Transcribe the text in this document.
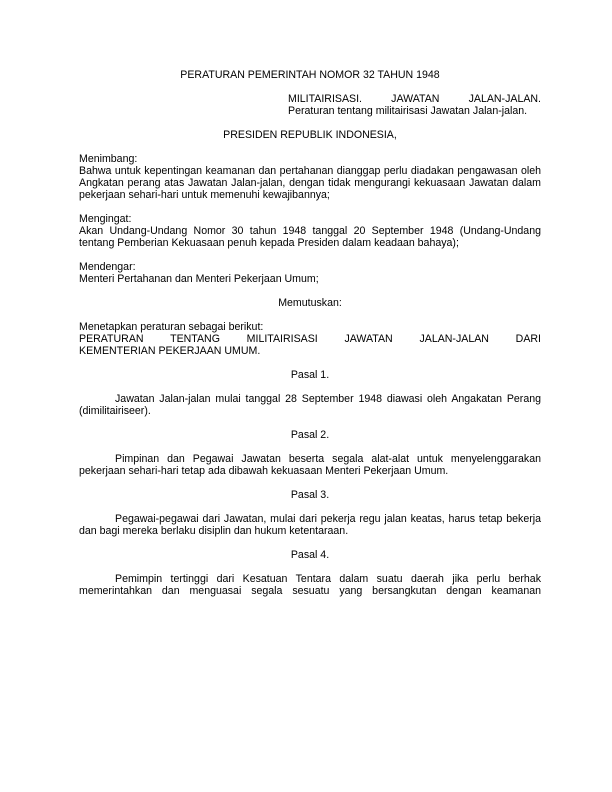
PERATURAN PEMERINTAH NOMOR 32 TAHUN 1948

MILITAIRISASI. JAWATAN JALAN-JALAN.

Peraturan tentang militairisasi Jawatan Jalan-jalan.

PRESIDEN REPUBLIK INDONESIA,

Menimbang:

Bahwa untuk kepentingan keamanan dan pertahanan dianggap perlu diadakan pengawasan oleh Angkatan perang atas Jawatan Jalan-jalan, dengan tidak mengurangi kekuasaan Jawatan dalam pekerjaan sehari-hari untuk memenuhi kewajibannya;

Mengingat:

Akan Undang-Undang Nomor 30 tahun 1948 tanggal 20 September 1948 (Undang-Undang tentang Pemberian Kekuasaan penuh kepada Presiden dalam keadaan bahaya);

Mendengar:

Menteri Pertahanan dan Menteri Pekerjaan Umum;

Memutuskan:

Menetapkan peraturan sebagai berikut:

PERATURAN TENTANG MILITAIRISASI JAWATAN JALAN-JALAN DARI

KEMENTERIAN PEKERJAAN UMUM.

Pasal 1.

Jawatan Jalan-jalan mulai tanggal 28 September 1948 diawasi oleh Angakatan Perang (dimilitairiseer).

Pasal 2.

Pimpinan dan Pegawai Jawatan beserta segala alat-alat untuk menyelenggarakan pekerjaan sehari-hari tetap ada dibawah kekuasaan Menteri Pekerjaan Umum.

Pasal 3.

Pegawai-pegawai dari Jawatan, mulai dari pekerja regu jalan keatas, harus tetap bekerja dan bagi mereka berlaku disiplin dan hukum ketentaraan.

Pasal 4.

Pemimpin tertinggi dari Kesatuan Tentara dalam suatu daerah jika perlu berhak memerintahkan dan menguasai segala sesuatu yang bersangkutan dengan keamanan
